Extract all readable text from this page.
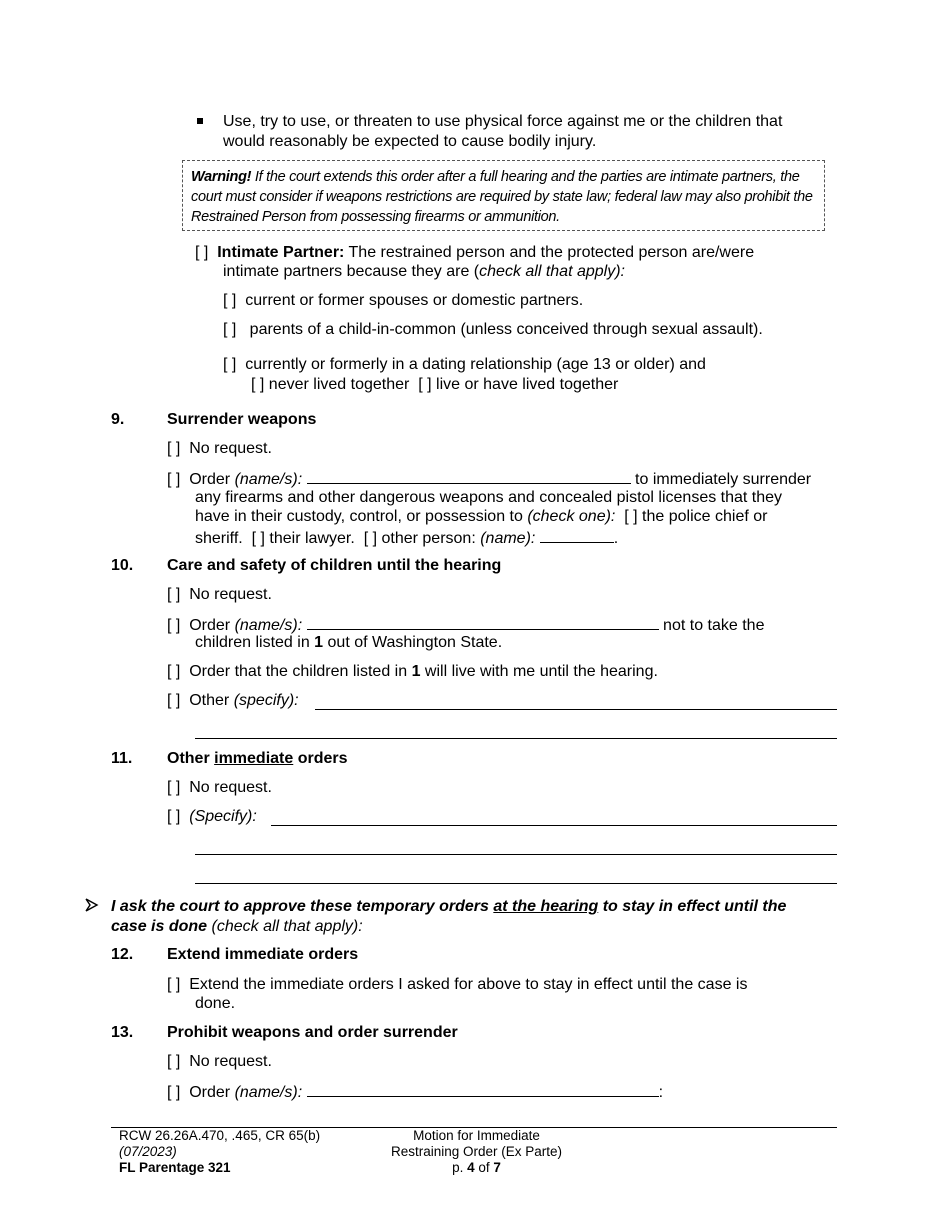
Use, try to use, or threaten to use physical force against me or the children that
would reasonably be expected to cause bodily injury.
Warning! If the court extends this order after a full hearing and the parties are intimate partners, the
court must consider if weapons restrictions are required by state law; federal law may also prohibit the
Restrained Person from possessing firearms or ammunition.
[ ] Intimate Partner: The restrained person and the protected person are/were
intimate partners because they are (check all that apply):
[ ] current or former spouses or domestic partners.
[ ]   parents of a child-in-common (unless conceived through sexual assault).
[ ] currently or formerly in a dating relationship (age 13 or older) and
[ ] never lived together [ ] live or have lived together
9.	Surrender weapons
[ ] No request.
[ ] Order (name/s):	to immediately surrender
any firearms and other dangerous weapons and concealed pistol licenses that they
have in their custody, control, or possession to (check one): [ ] the police chief or
sheriff. [ ] their lawyer. [ ] other person: (name):	.
10. Care and safety of children until the hearing
[ ] No request.
[ ] Order (name/s):	not to take the
children listed in 1 out of Washington State.
[ ] Order that the children listed in 1 will live with me until the hearing.
[ ] Other (specify):
11. Other immediate orders
[ ] No request.
[ ] (Specify):
I ask the court to approve these temporary orders at the hearing to stay in effect until the
case is done (check all that apply):
12. Extend immediate orders
[ ] Extend the immediate orders I asked for above to stay in effect until the case is
done.
13. Prohibit weapons and order surrender
[ ] No request.
[ ] Order (name/s):	:
RCW 26.26A.470, .465, CR 65(b)
(07/2023)
FL Parentage 321
Motion for Immediate
Restraining Order (Ex Parte)
p. 4 of 7
